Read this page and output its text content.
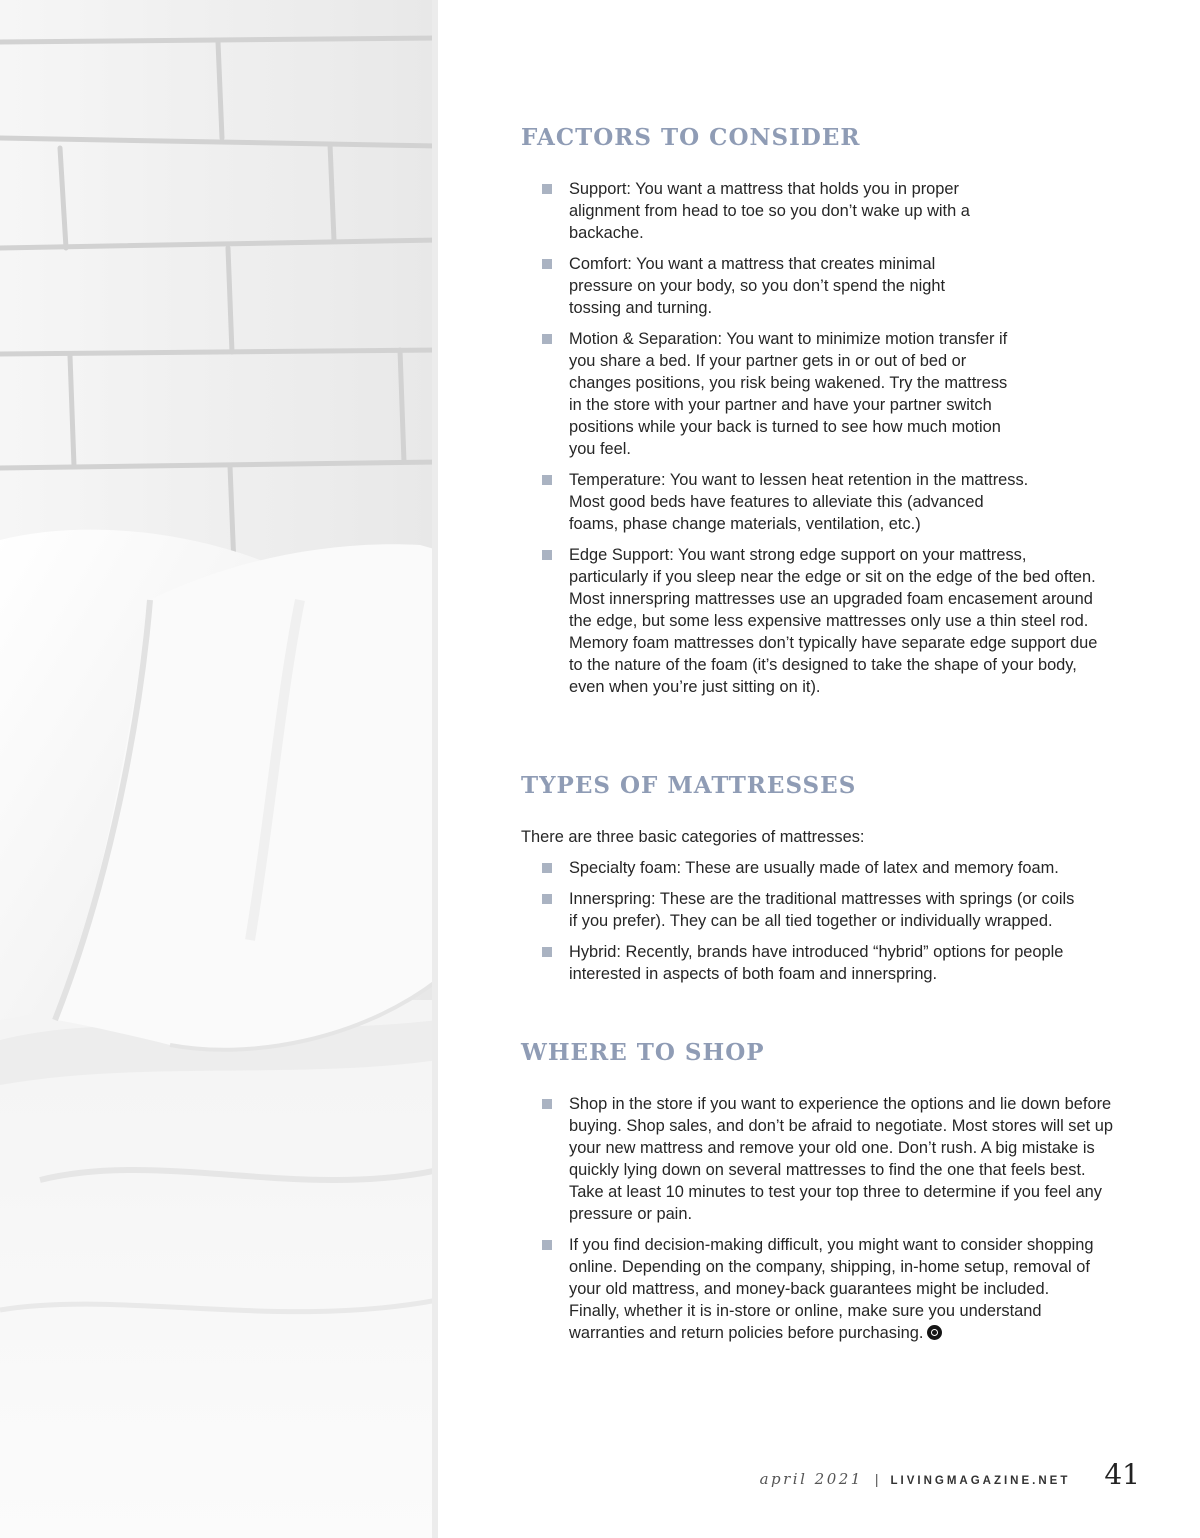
FACTORS TO CONSIDER
Support: You want a mattress that holds you in proper alignment from head to toe so you don’t wake up with a backache.
Comfort: You want a mattress that creates minimal pressure on your body, so you don’t spend the night tossing and turning.
Motion & Separation: You want to minimize motion transfer if you share a bed. If your partner gets in or out of bed or changes positions, you risk being wakened. Try the mattress in the store with your partner and have your partner switch positions while your back is turned to see how much motion you feel.
Temperature: You want to lessen heat retention in the mattress. Most good beds have features to alleviate this (advanced foams, phase change materials, ventilation, etc.)
Edge Support: You want strong edge support on your mattress, particularly if you sleep near the edge or sit on the edge of the bed often. Most innerspring mattresses use an upgraded foam encasement around the edge, but some less expensive mattresses only use a thin steel rod. Memory foam mattresses don’t typically have separate edge support due to the nature of the foam (it’s designed to take the shape of your body, even when you’re just sitting on it).
TYPES OF MATTRESSES

There are three basic categories of mattresses:

Specialty foam: These are usually made of latex and memory foam.
Innerspring: These are the traditional mattresses with springs (or coils if you prefer). They can be all tied together or individually wrapped.
Hybrid: Recently, brands have introduced “hybrid” options for people interested in aspects of both foam and innerspring.
WHERE TO SHOP
Shop in the store if you want to experience the options and lie down before buying. Shop sales, and don’t be afraid to negotiate. Most stores will set up your new mattress and remove your old one. Don’t rush. A big mistake is quickly lying down on several mattresses to find the one that feels best. Take at least 10 minutes to test your top three to determine if you feel any pressure or pain.
If you find decision-making difficult, you might want to consider shopping online. Depending on the company, shipping, in-home setup, removal of your old mattress, and money-back guarantees might be included. Finally, whether it is in-store or online, make sure you understand warranties and return policies before purchasing.
april 2021 | LIVINGMAGAZINE.NET 41
